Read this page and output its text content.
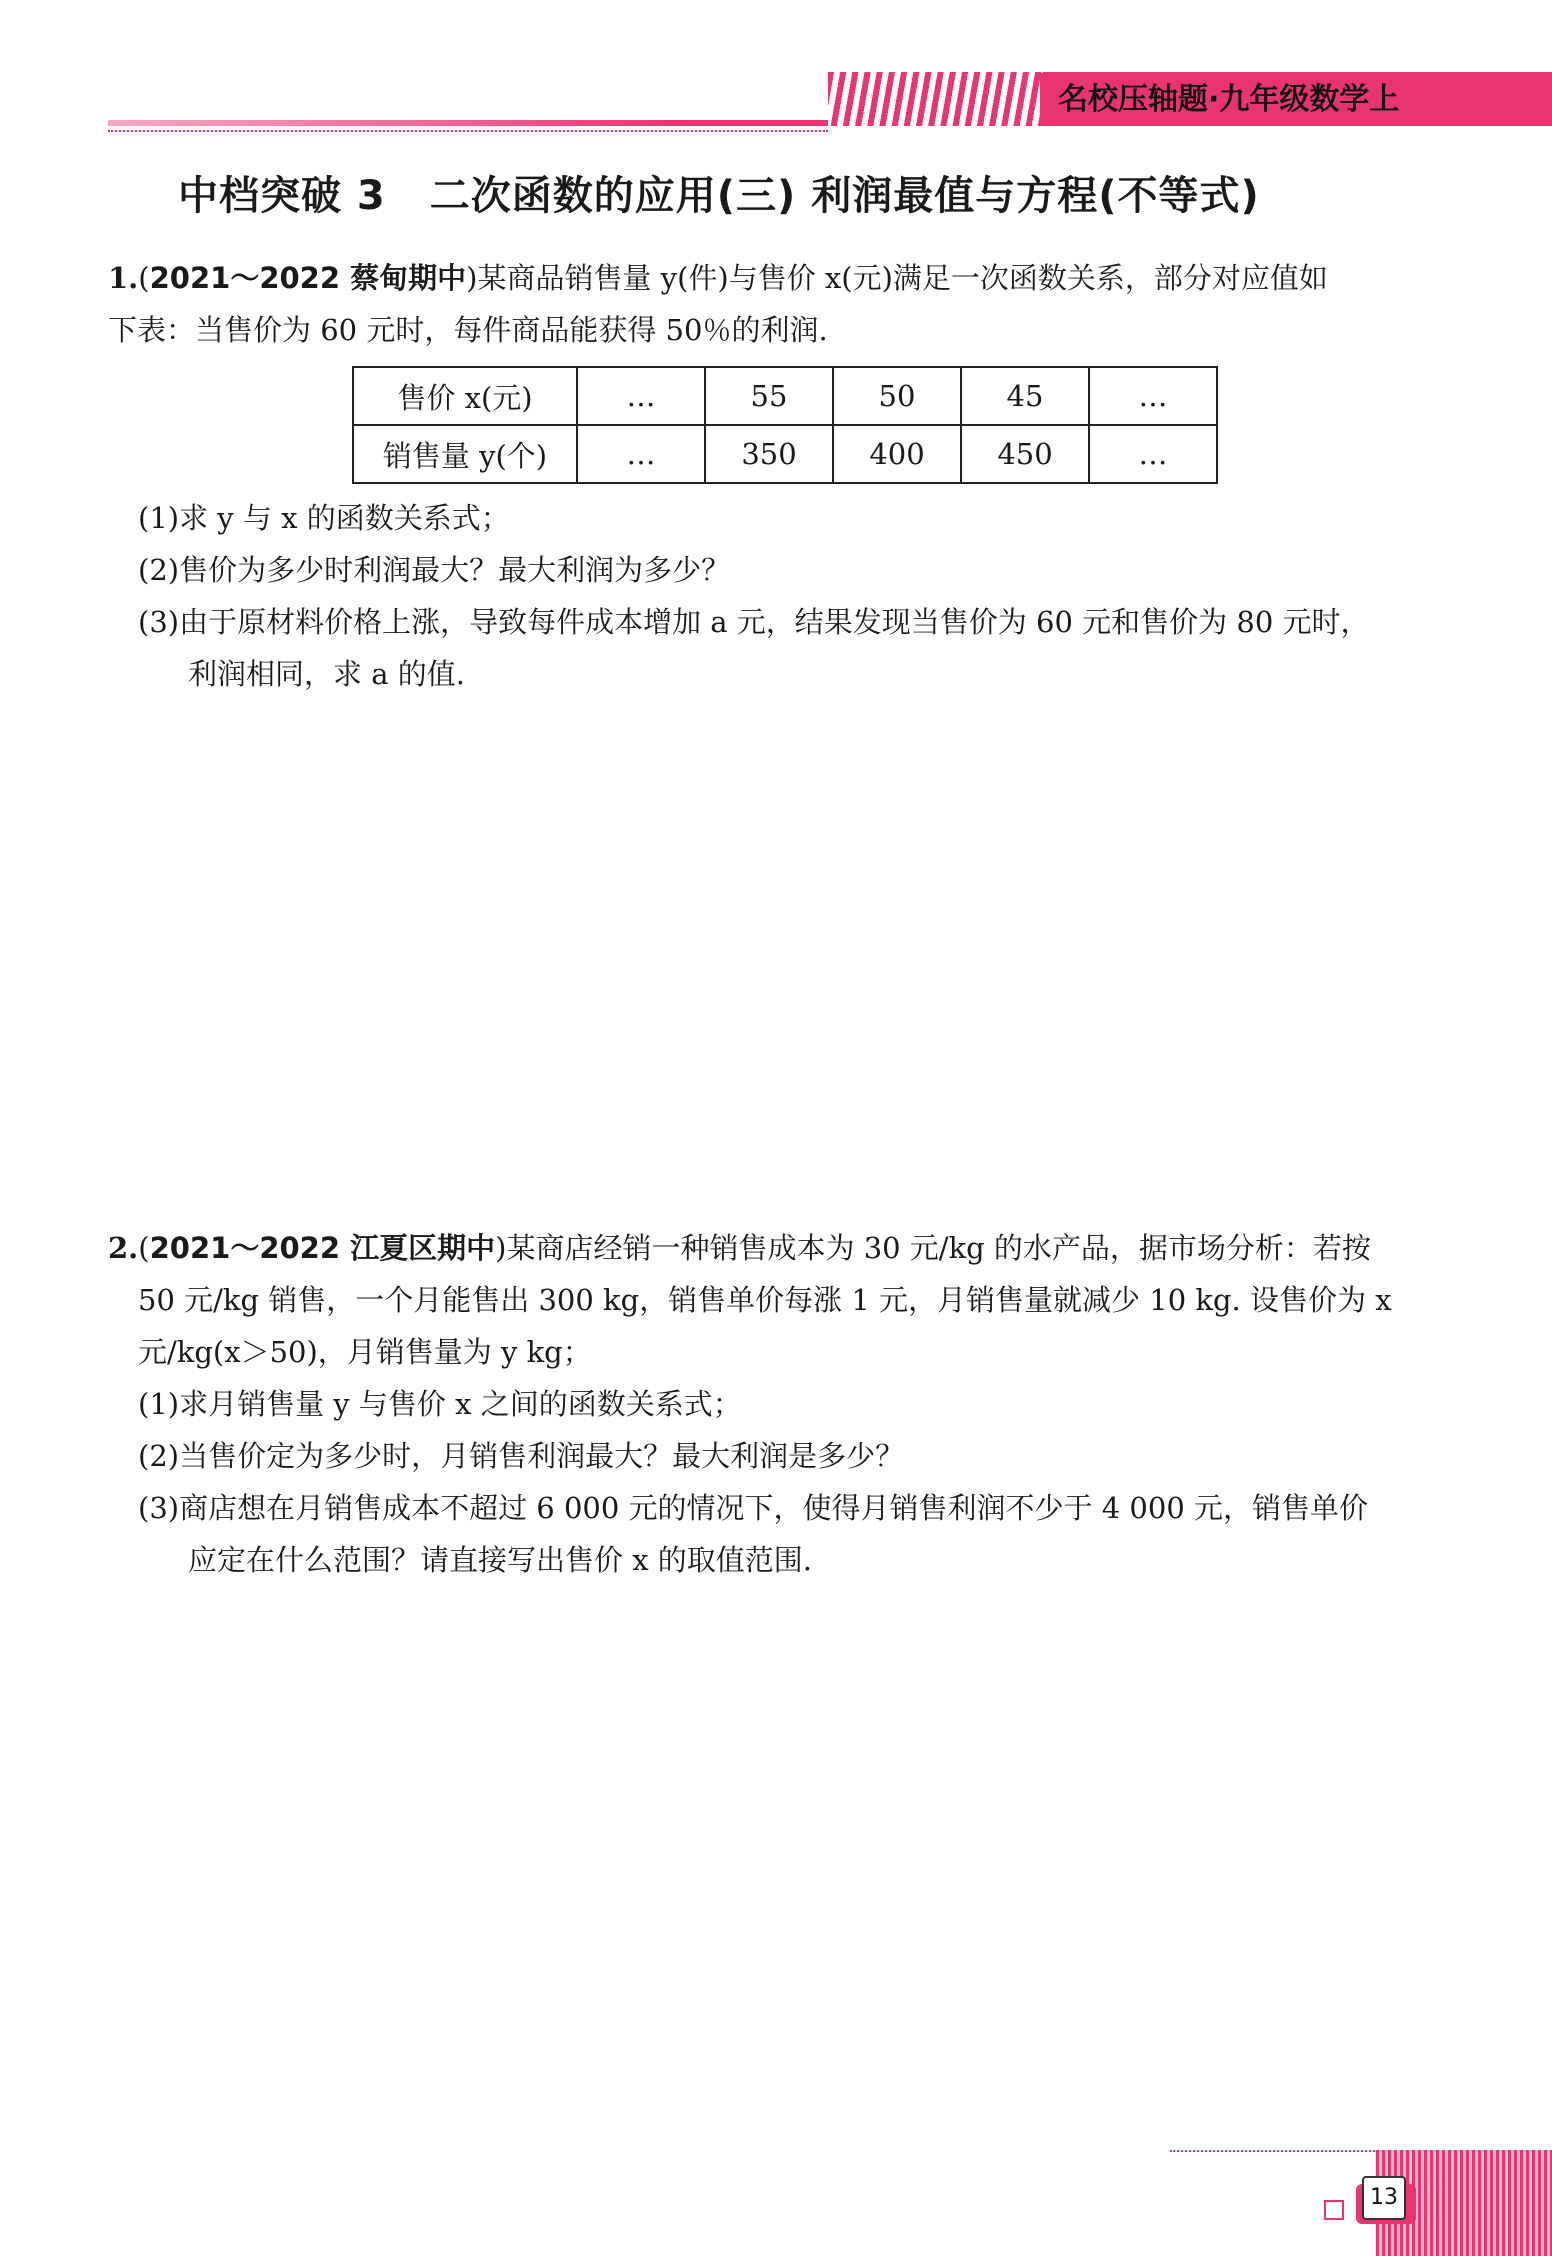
名校压轴题·九年级数学上
中档突破 3 二次函数的应用(三) 利润最值与方程(不等式)

1.(2021～2022 蔡甸期中)某商品销售量 y(件)与售价 x(元)满足一次函数关系，部分对应值如

下表：当售价为 60 元时，每件商品能获得 50％的利润.

售价 x(元)	…	55	50	45	…
销售量 y(个)	…	350	400	450	…

(1)求 y 与 x 的函数关系式；

(2)售价为多少时利润最大？最大利润为多少？

(3)由于原材料价格上涨，导致每件成本增加 a 元，结果发现当售价为 60 元和售价为 80 元时，
利润相同，求 a 的值.

2.(2021～2022 江夏区期中)某商店经销一种销售成本为 30 元/kg 的水产品，据市场分析：若按

50 元/kg 销售，一个月能售出 300 kg，销售单价每涨 1 元，月销售量就减少 10 kg. 设售价为 x

元/kg(x＞50)，月销售量为 y kg；

(1)求月销售量 y 与售价 x 之间的函数关系式；

(2)当售价定为多少时，月销售利润最大？最大利润是多少？

(3)商店想在月销售成本不超过 6 000 元的情况下，使得月销售利润不少于 4 000 元，销售单价
应定在什么范围？请直接写出售价 x 的取值范围.

13
